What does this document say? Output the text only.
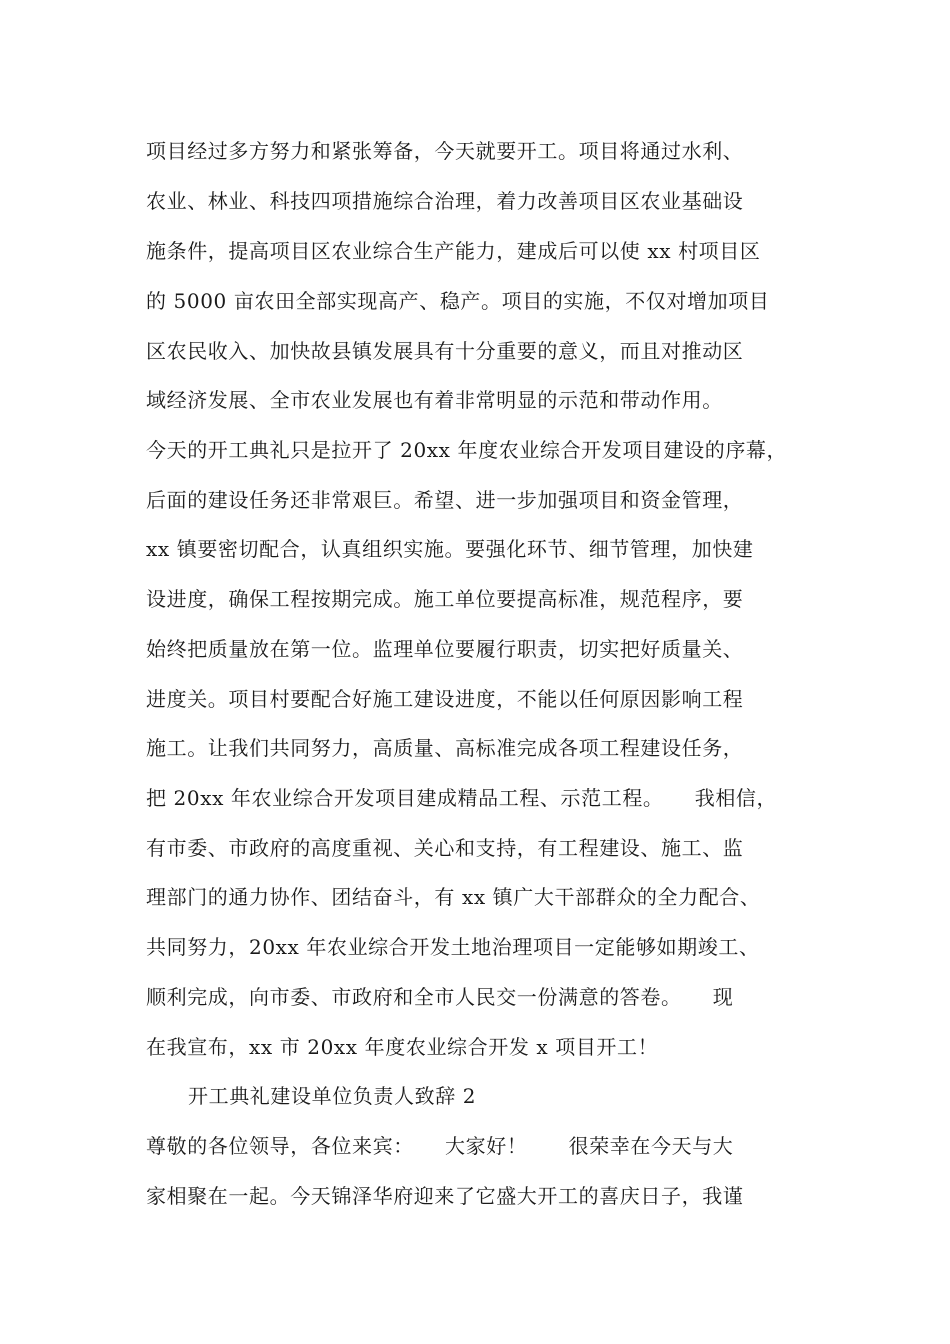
项目经过多方努力和紧张筹备，今天就要开工。项目将通过水利、
农业、林业、科技四项措施综合治理，着力改善项目区农业基础设
施条件，提高项目区农业综合生产能力，建成后可以使 xx 村项目区
的 5000 亩农田全部实现高产、稳产。项目的实施，不仅对增加项目
区农民收入、加快故县镇发展具有十分重要的意义，而且对推动区
域经济发展、全市农业发展也有着非常明显的示范和带动作用。
今天的开工典礼只是拉开了 20xx 年度农业综合开发项目建设的序幕，
后面的建设任务还非常艰巨。希望、进一步加强项目和资金管理，
xx 镇要密切配合，认真组织实施。要强化环节、细节管理，加快建
设进度，确保工程按期完成。施工单位要提高标准，规范程序，要
始终把质量放在第一位。监理单位要履行职责，切实把好质量关、
进度关。项目村要配合好施工建设进度，不能以任何原因影响工程
施工。让我们共同努力，高质量、高标准完成各项工程建设任务，
把 20xx 年农业综合开发项目建成精品工程、示范工程。　　我相信，
有市委、市政府的高度重视、关心和支持，有工程建设、施工、监
理部门的通力协作、团结奋斗，有 xx 镇广大干部群众的全力配合、
共同努力，20xx 年农业综合开发土地治理项目一定能够如期竣工、
顺利完成，向市委、市政府和全市人民交一份满意的答卷。　　现
在我宣布，xx 市 20xx 年度农业综合开发 x 项目开工！
开工典礼建设单位负责人致辞 2
尊敬的各位领导，各位来宾：　　大家好！　　很荣幸在今天与大
家相聚在一起。今天锦泽华府迎来了它盛大开工的喜庆日子，我谨
